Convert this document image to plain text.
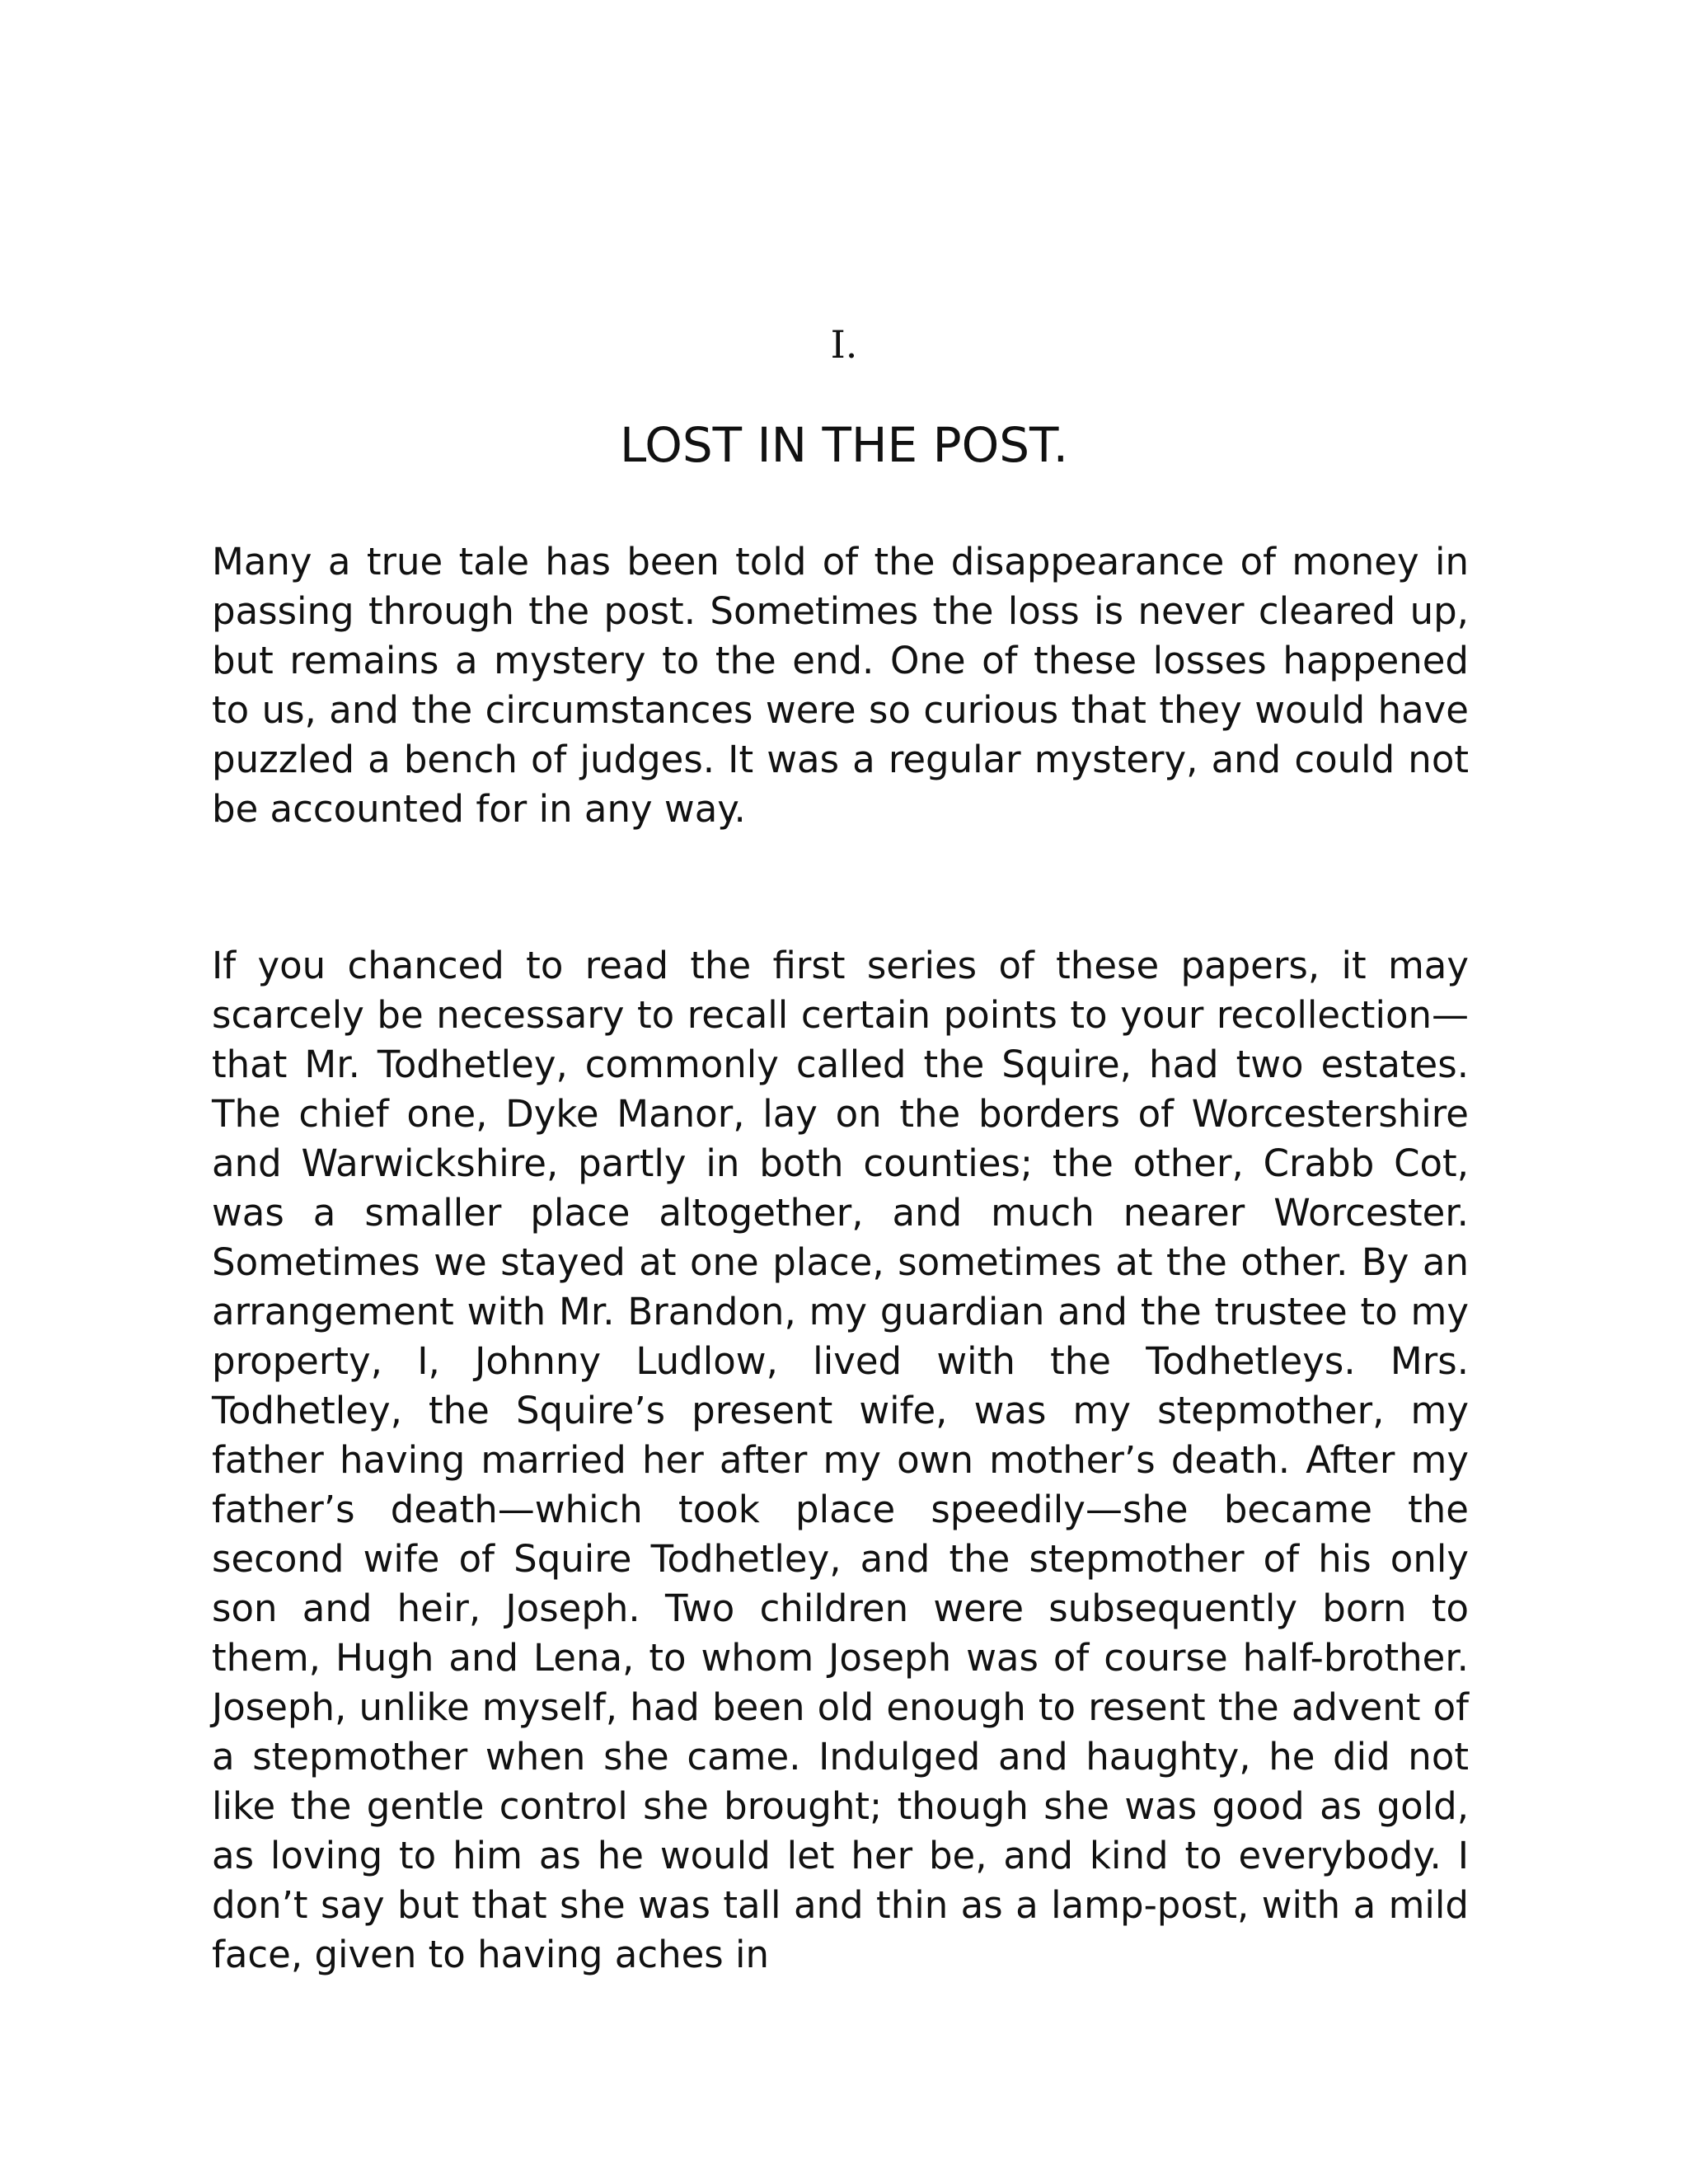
I.
LOST IN THE POST.

Many a true tale has been told of the disappearance of money in passing through the post. Sometimes the loss is never cleared up, but remains a mystery to the end. One of these losses happened to us, and the circumstances were so curious that they would have puzzled a bench of judges. It was a regular mystery, and could not be accounted for in any way.

If you chanced to read the first series of these papers, it may scarcely be necessary to recall certain points to your recollection—that Mr. Todhetley, commonly called the Squire, had two estates. The chief one, Dyke Manor, lay on the borders of Worcestershire and Warwickshire, partly in both counties; the other, Crabb Cot, was a smaller place altogether, and much nearer Worcester. Sometimes we stayed at one place, sometimes at the other. By an arrangement with Mr. Brandon, my guardian and the trustee to my property, I, Johnny Ludlow, lived with the Todhetleys. Mrs. Todhetley, the Squire’s present wife, was my stepmother, my father having married her after my own mother’s death. After my father’s death—which took place speedily—she became the second wife of Squire Todhetley, and the stepmother of his only son and heir, Joseph. Two children were subsequently born to them, Hugh and Lena, to whom Joseph was of course half-brother. Joseph, unlike myself, had been old enough to resent the advent of a stepmother when she came. Indulged and haughty, he did not like the gentle control she brought; though she was good as gold, as loving to him as he would let her be, and kind to everybody. I don’t say but that she was tall and thin as a lamp-post, with a mild face, given to having aches in
